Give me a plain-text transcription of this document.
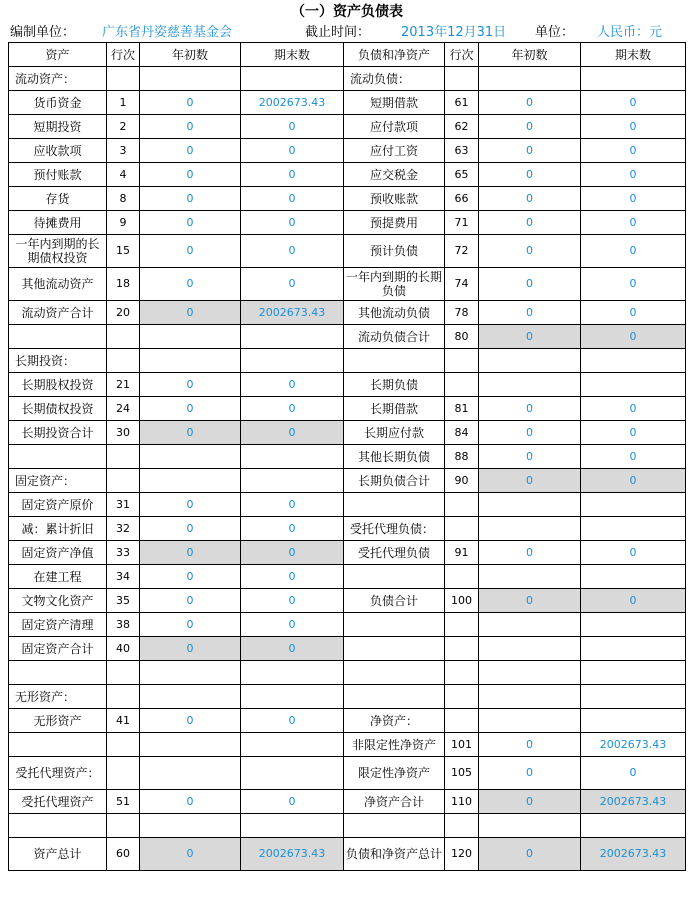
（一）资产负债表
编制单位： 广东省丹姿慈善基金会	截止时间： 2013年12月31日 单位： 人民币：元
资产	行次	年初数	期末数	负债和净资产	行次	年初数	期末数
流动资产：				流动负债：			
货币资金	1	0	2002673.43	短期借款	61	0	0
短期投资	2	0	0	应付款项	62	0	0
应收款项	3	0	0	应付工资	63	0	0
预付账款	4	0	0	应交税金	65	0	0
存货	8	0	0	预收账款	66	0	0
待摊费用	9	0	0	预提费用	71	0	0
一年内到期的长期债权投资	15	0	0	预计负债	72	0	0
其他流动资产	18	0	0	一年内到期的长期负债	74	0	0
流动资产合计	20	0	2002673.43	其他流动负债	78	0	0
				流动负债合计	80	0	0
长期投资：							
长期股权投资	21	0	0	长期负债			
长期债权投资	24	0	0	长期借款	81	0	0
长期投资合计	30	0	0	长期应付款	84	0	0
				其他长期负债	88	0	0
固定资产：				长期负债合计	90	0	0
固定资产原价	31	0	0				
减：累计折旧	32	0	0	受托代理负债：			
固定资产净值	33	0	0	受托代理负债	91	0	0
在建工程	34	0	0				
文物文化资产	35	0	0	负债合计	100	0	0
固定资产清理	38	0	0				
固定资产合计	40	0	0				

无形资产：							
无形资产	41	0	0	净资产：			
				非限定性净资产	101	0	2002673.43
受托代理资产：				限定性净资产	105	0	0
受托代理资产	51	0	0	净资产合计	110	0	2002673.43

资产总计	60	0	2002673.43	负债和净资产总计	120	0	2002673.43
